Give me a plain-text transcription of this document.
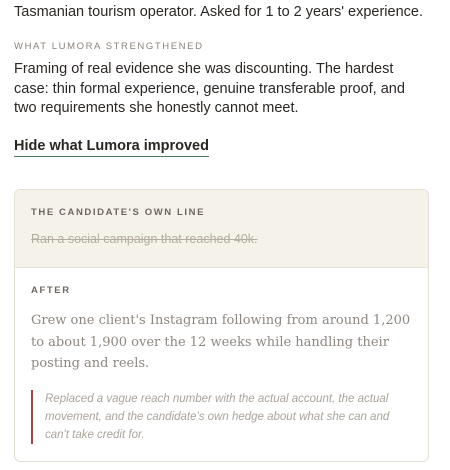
Tasmanian tourism operator. Asked for 1 to 2 years' experience.

WHAT LUMORA STRENGTHENED
Framing of real evidence she was discounting. The hardest case: thin formal experience, genuine transferable proof, and two requirements she honestly cannot meet.
Hide what Lumora improved
THE CANDIDATE'S OWN LINE
Ran a social campaign that reached 40k.
AFTER
Grew one client's Instagram following from around 1,200 to about 1,900 over the 12 weeks while handling their posting and reels.
Replaced a vague reach number with the actual account, the actual movement, and the candidate's own hedge about what she can and can't take credit for.
